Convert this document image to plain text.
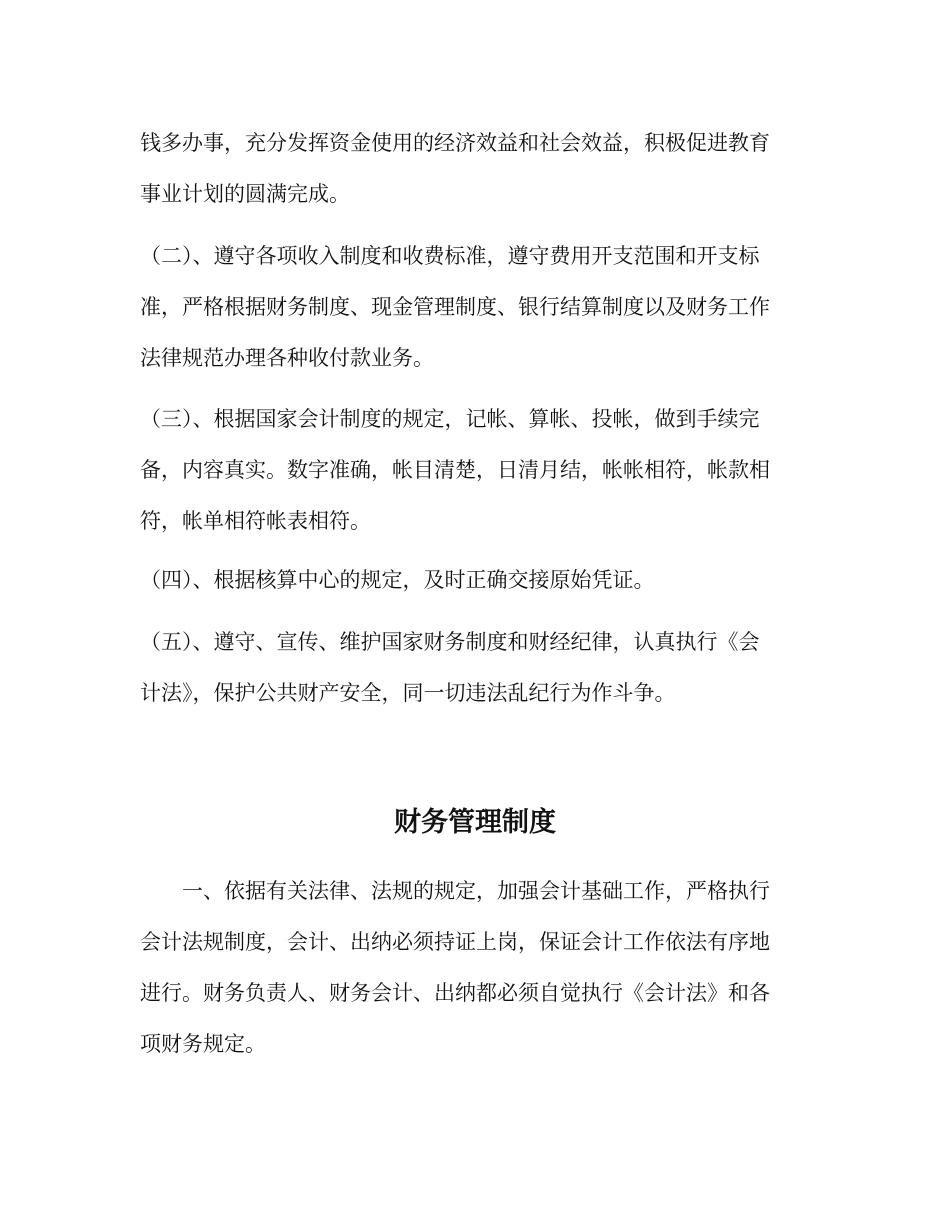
钱多办事，充分发挥资金使用的经济效益和社会效益，积极促进教育
事业计划的圆满完成。
（二）、遵守各项收入制度和收费标准，遵守费用开支范围和开支标
准，严格根据财务制度、现金管理制度、银行结算制度以及财务工作
法律规范办理各种收付款业务。
（三）、根据国家会计制度的规定，记帐、算帐、投帐，做到手续完
备，内容真实。数字准确，帐目清楚，日清月结，帐帐相符，帐款相
符，帐单相符帐表相符。
（四）、根据核算中心的规定，及时正确交接原始凭证。
（五）、遵守、宣传、维护国家财务制度和财经纪律，认真执行《会
计法》，保护公共财产安全，同一切违法乱纪行为作斗争。
财务管理制度
一、依据有关法律、法规的规定，加强会计基础工作，严格执行
会计法规制度，会计、出纳必须持证上岗，保证会计工作依法有序地
进行。财务负责人、财务会计、出纳都必须自觉执行《会计法》和各
项财务规定。
